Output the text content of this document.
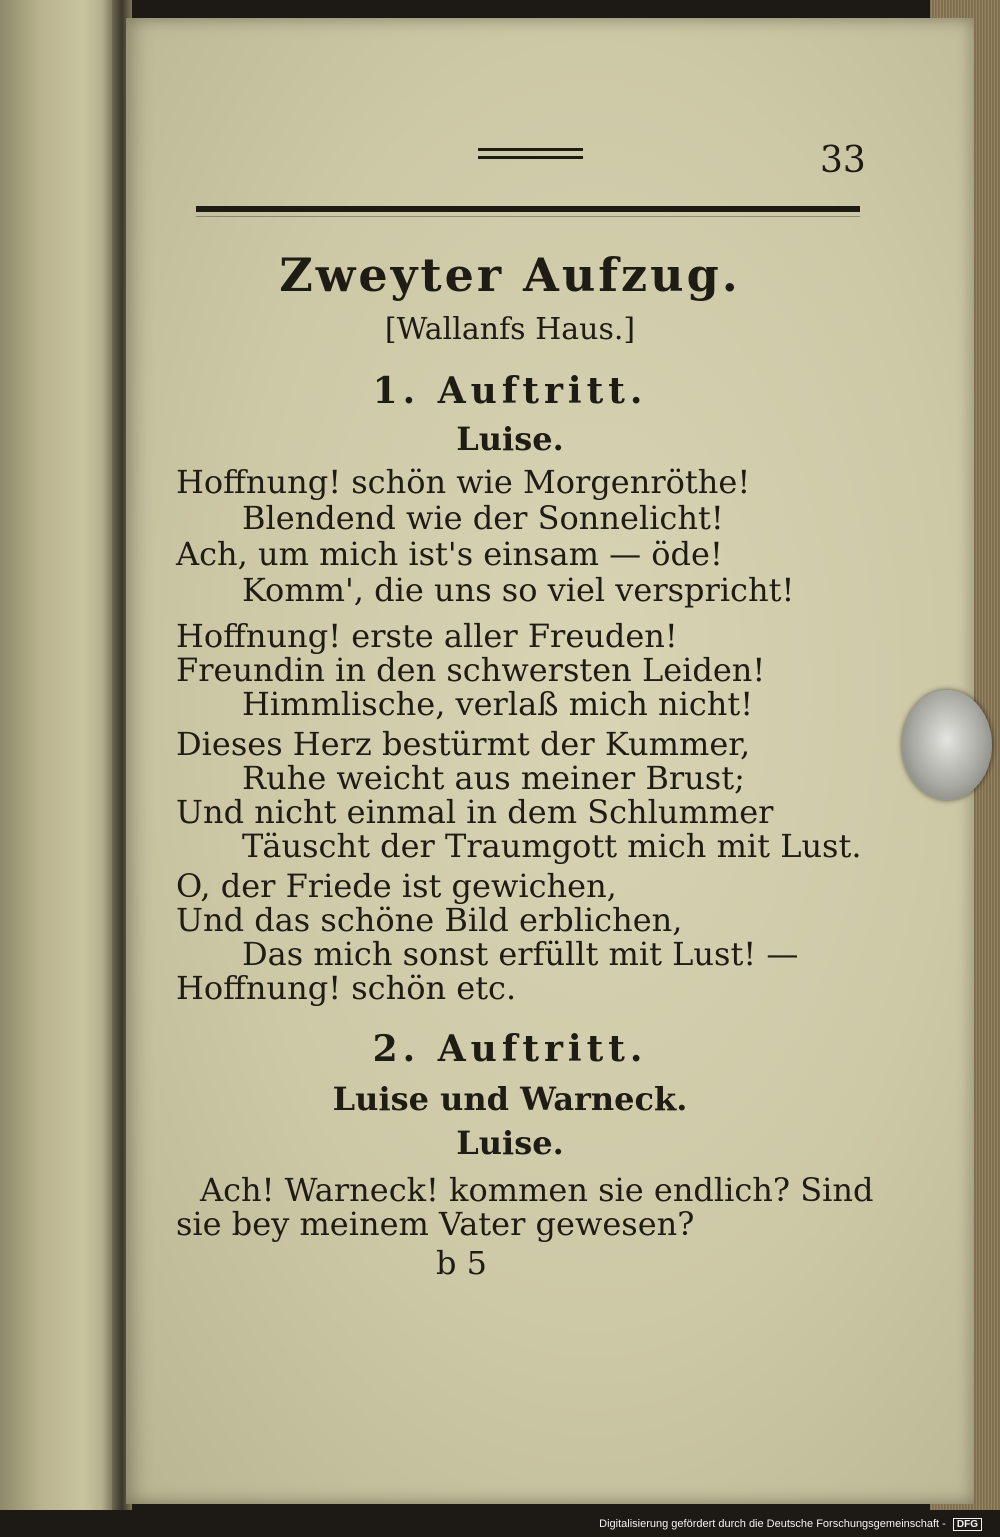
33
Zweyter Aufzug.
[Wallanfs Haus.]
1. Auftritt.
Luise.
Hoffnung! schön wie Morgenröthe!
Blendend wie der Sonnelicht!
Ach, um mich ist's einsam — öde!
Komm', die uns so viel verspricht!
Hoffnung! erste aller Freuden!
Freundin in den schwersten Leiden!
Himmlische, verlaß mich nicht!
Dieses Herz bestürmt der Kummer,
Ruhe weicht aus meiner Brust;
Und nicht einmal in dem Schlummer
Täuscht der Traumgott mich mit Lust.
O, der Friede ist gewichen,
Und das schöne Bild erblichen,
Das mich sonst erfüllt mit Lust! —
Hoffnung! schön etc.
2. Auftritt.
Luise und Warneck.
Luise.
Ach! Warneck! kommen sie endlich? Sind
sie bey meinem Vater gewesen?
b 5
Digitalisierung gefördert durch die Deutsche Forschungsgemeinschaft - DFG
